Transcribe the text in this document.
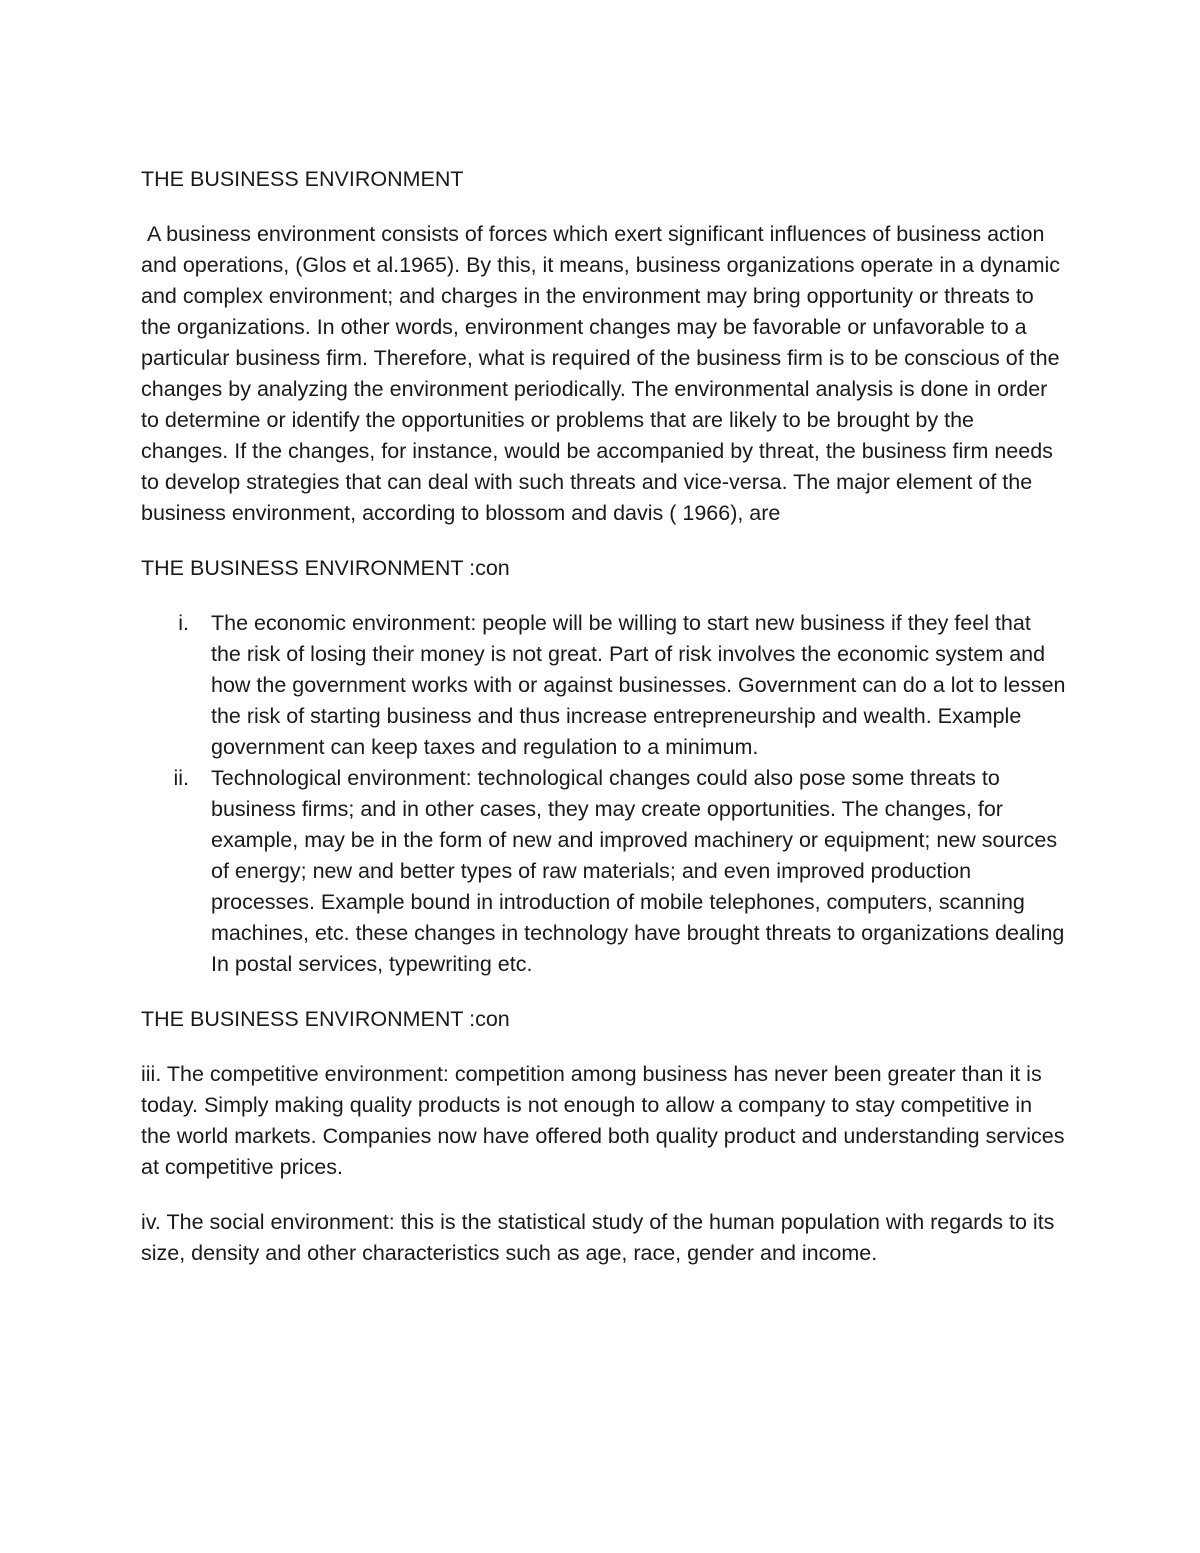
THE BUSINESS ENVIRONMENT

A business environment consists of forces which exert significant influences of business action and operations, (Glos et al.1965). By this, it means, business organizations operate in a dynamic and complex environment; and charges in the environment may bring opportunity or threats to the organizations. In other words, environment changes may be favorable or unfavorable to a particular business firm. Therefore, what is required of the business firm is to be conscious of the changes by analyzing the environment periodically. The environmental analysis is done in order to determine or identify the opportunities or problems that are likely to be brought by the changes. If the changes, for instance, would be accompanied by threat, the business firm needs to develop strategies that can deal with such threats and vice-versa. The major element of the business environment, according to blossom and davis ( 1966), are

THE BUSINESS ENVIRONMENT :con
i. The economic environment: people will be willing to start new business if they feel that the risk of losing their money is not great. Part of risk involves the economic system and how the government works with or against businesses. Government can do a lot to lessen the risk of starting business and thus increase entrepreneurship and wealth. Example government can keep taxes and regulation to a minimum.
ii. Technological environment: technological changes could also pose some threats to business firms; and in other cases, they may create opportunities. The changes, for example, may be in the form of new and improved machinery or equipment; new sources of energy; new and better types of raw materials; and even improved production processes. Example bound in introduction of mobile telephones, computers, scanning machines, etc. these changes in technology have brought threats to organizations dealing In postal services, typewriting etc.
THE BUSINESS ENVIRONMENT :con

iii. The competitive environment: competition among business has never been greater than it is today. Simply making quality products is not enough to allow a company to stay competitive in the world markets. Companies now have offered both quality product and understanding services at competitive prices.

iv. The social environment: this is the statistical study of the human population with regards to its size, density and other characteristics such as age, race, gender and income.
